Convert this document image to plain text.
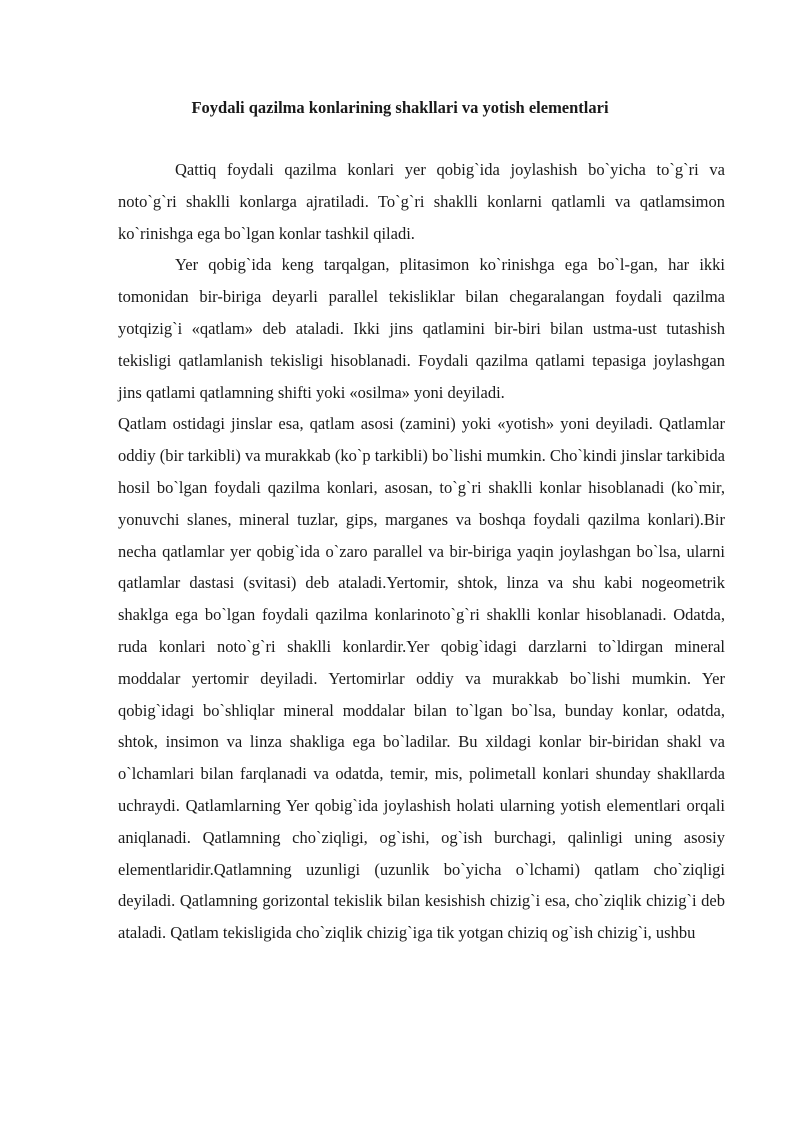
Foydali qazilma konlarining shakllari va yotish elementlari

Qattiq foydali qazilma konlari yer qobig`ida joylashish bo`yicha to`g`ri va noto`g`ri shaklli konlarga ajratiladi. To`g`ri shaklli konlarni qatlamli va qatlamsimon ko`rinishga ega bo`lgan konlar tashkil qiladi.

Yer qobig`ida keng tarqalgan, plitasimon ko`rinishga ega bo`l-gan, har ikki tomonidan bir-biriga deyarli parallel tekisliklar bilan chegaralangan foydali qazilma yotqizig`i «qatlam» deb ataladi. Ikki jins qatlamini bir-biri bilan ustma-ust tutashish tekisligi qatlamlanish tekisligi hisoblanadi. Foydali qazilma qatlami tepasiga joylashgan jins qatlami qatlamning shifti yoki «osilma» yoni deyiladi.

Qatlam ostidagi jinslar esa, qatlam asosi (zamini) yoki «yotish» yoni deyiladi. Qatlamlar oddiy (bir tarkibli) va murakkab (ko`p tarkibli) bo`lishi mumkin. Cho`kindi jinslar tarkibida hosil bo`lgan foydali qazilma konlari, asosan, to`g`ri shaklli konlar hisoblanadi (ko`mir, yonuvchi slanes, mineral tuzlar, gips, marganes va boshqa foydali qazilma konlari).Bir necha qatlamlar yer qobig`ida o`zaro parallel va bir-biriga yaqin joylashgan bo`lsa, ularni qatlamlar dastasi (svitasi) deb ataladi.Yertomir, shtok, linza va shu kabi nogeometrik shaklga ega bo`lgan foydali qazilma konlarinoto`g`ri shaklli konlar hisoblanadi. Odatda, ruda konlari noto`g`ri shaklli konlardir.Yer qobig`idagi darzlarni to`ldirgan mineral moddalar yertomir deyiladi. Yertomirlar oddiy va murakkab bo`lishi mumkin. Yer qobig`idagi bo`shliqlar mineral moddalar bilan to`lgan bo`lsa, bunday konlar, odatda, shtok, insimon va linza shakliga ega bo`ladilar. Bu xildagi konlar bir-biridan shakl va o`lchamlari bilan farqlanadi va odatda, temir, mis, polimetall konlari shunday shakllarda uchraydi. Qatlamlarning Yer qobig`ida joylashish holati ularning yotish elementlari orqali aniqlanadi. Qatlamning cho`ziqligi, og`ishi, og`ish burchagi, qalinligi uning asosiy elementlaridir.Qatlamning uzunligi (uzunlik bo`yicha o`lchami) qatlam cho`ziqligi deyiladi. Qatlamning gorizontal tekislik bilan kesishish chizig`i esa, cho`ziqlik chizig`i deb ataladi. Qatlam tekisligida cho`ziqlik chizig`iga tik yotgan chiziq og`ish chizig`i, ushbu
